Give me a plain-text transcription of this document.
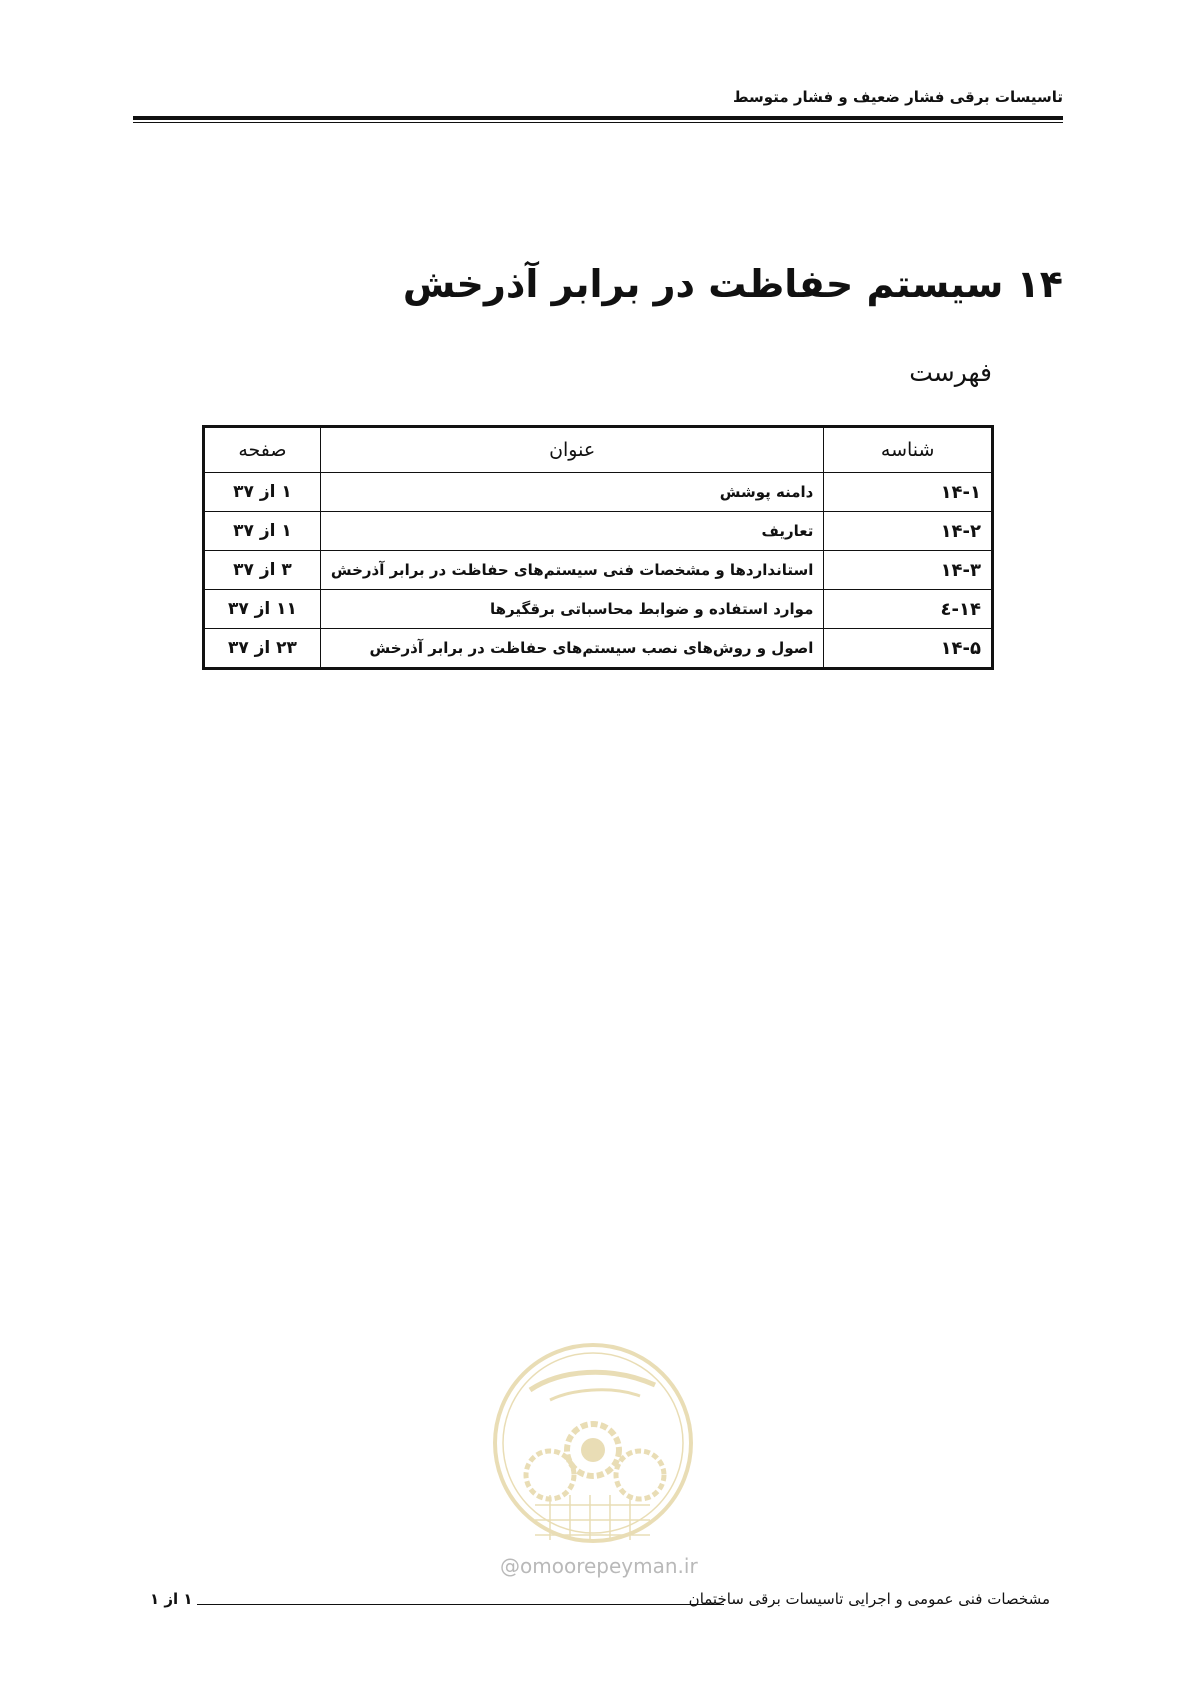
تاسیسات برقی فشار ضعیف و فشار متوسط
۱۴ سیستم حفاظت در برابر آذرخش
فهرست
شناسه	عنوان	صفحه
۱۴-۱	دامنه پوشش	۱ از ۳۷
۱۴-۲	تعاریف	۱ از ۳۷
۱۴-۳	استانداردها و مشخصات فنی سیستم‌های حفاظت در برابر آذرخش	۳ از ۳۷
۱۴-٤	موارد استفاده و ضوابط محاسباتی برقگیرها	۱۱ از ۳۷
۱۴-۵	اصول و روش‌های نصب سیستم‌های حفاظت در برابر آذرخش	۲۳ از ۳۷
@omoorepeyman.ir
مشخصات فنی عمومی و اجرایی تاسیسات برقی ساختمان
۱ از ۱
